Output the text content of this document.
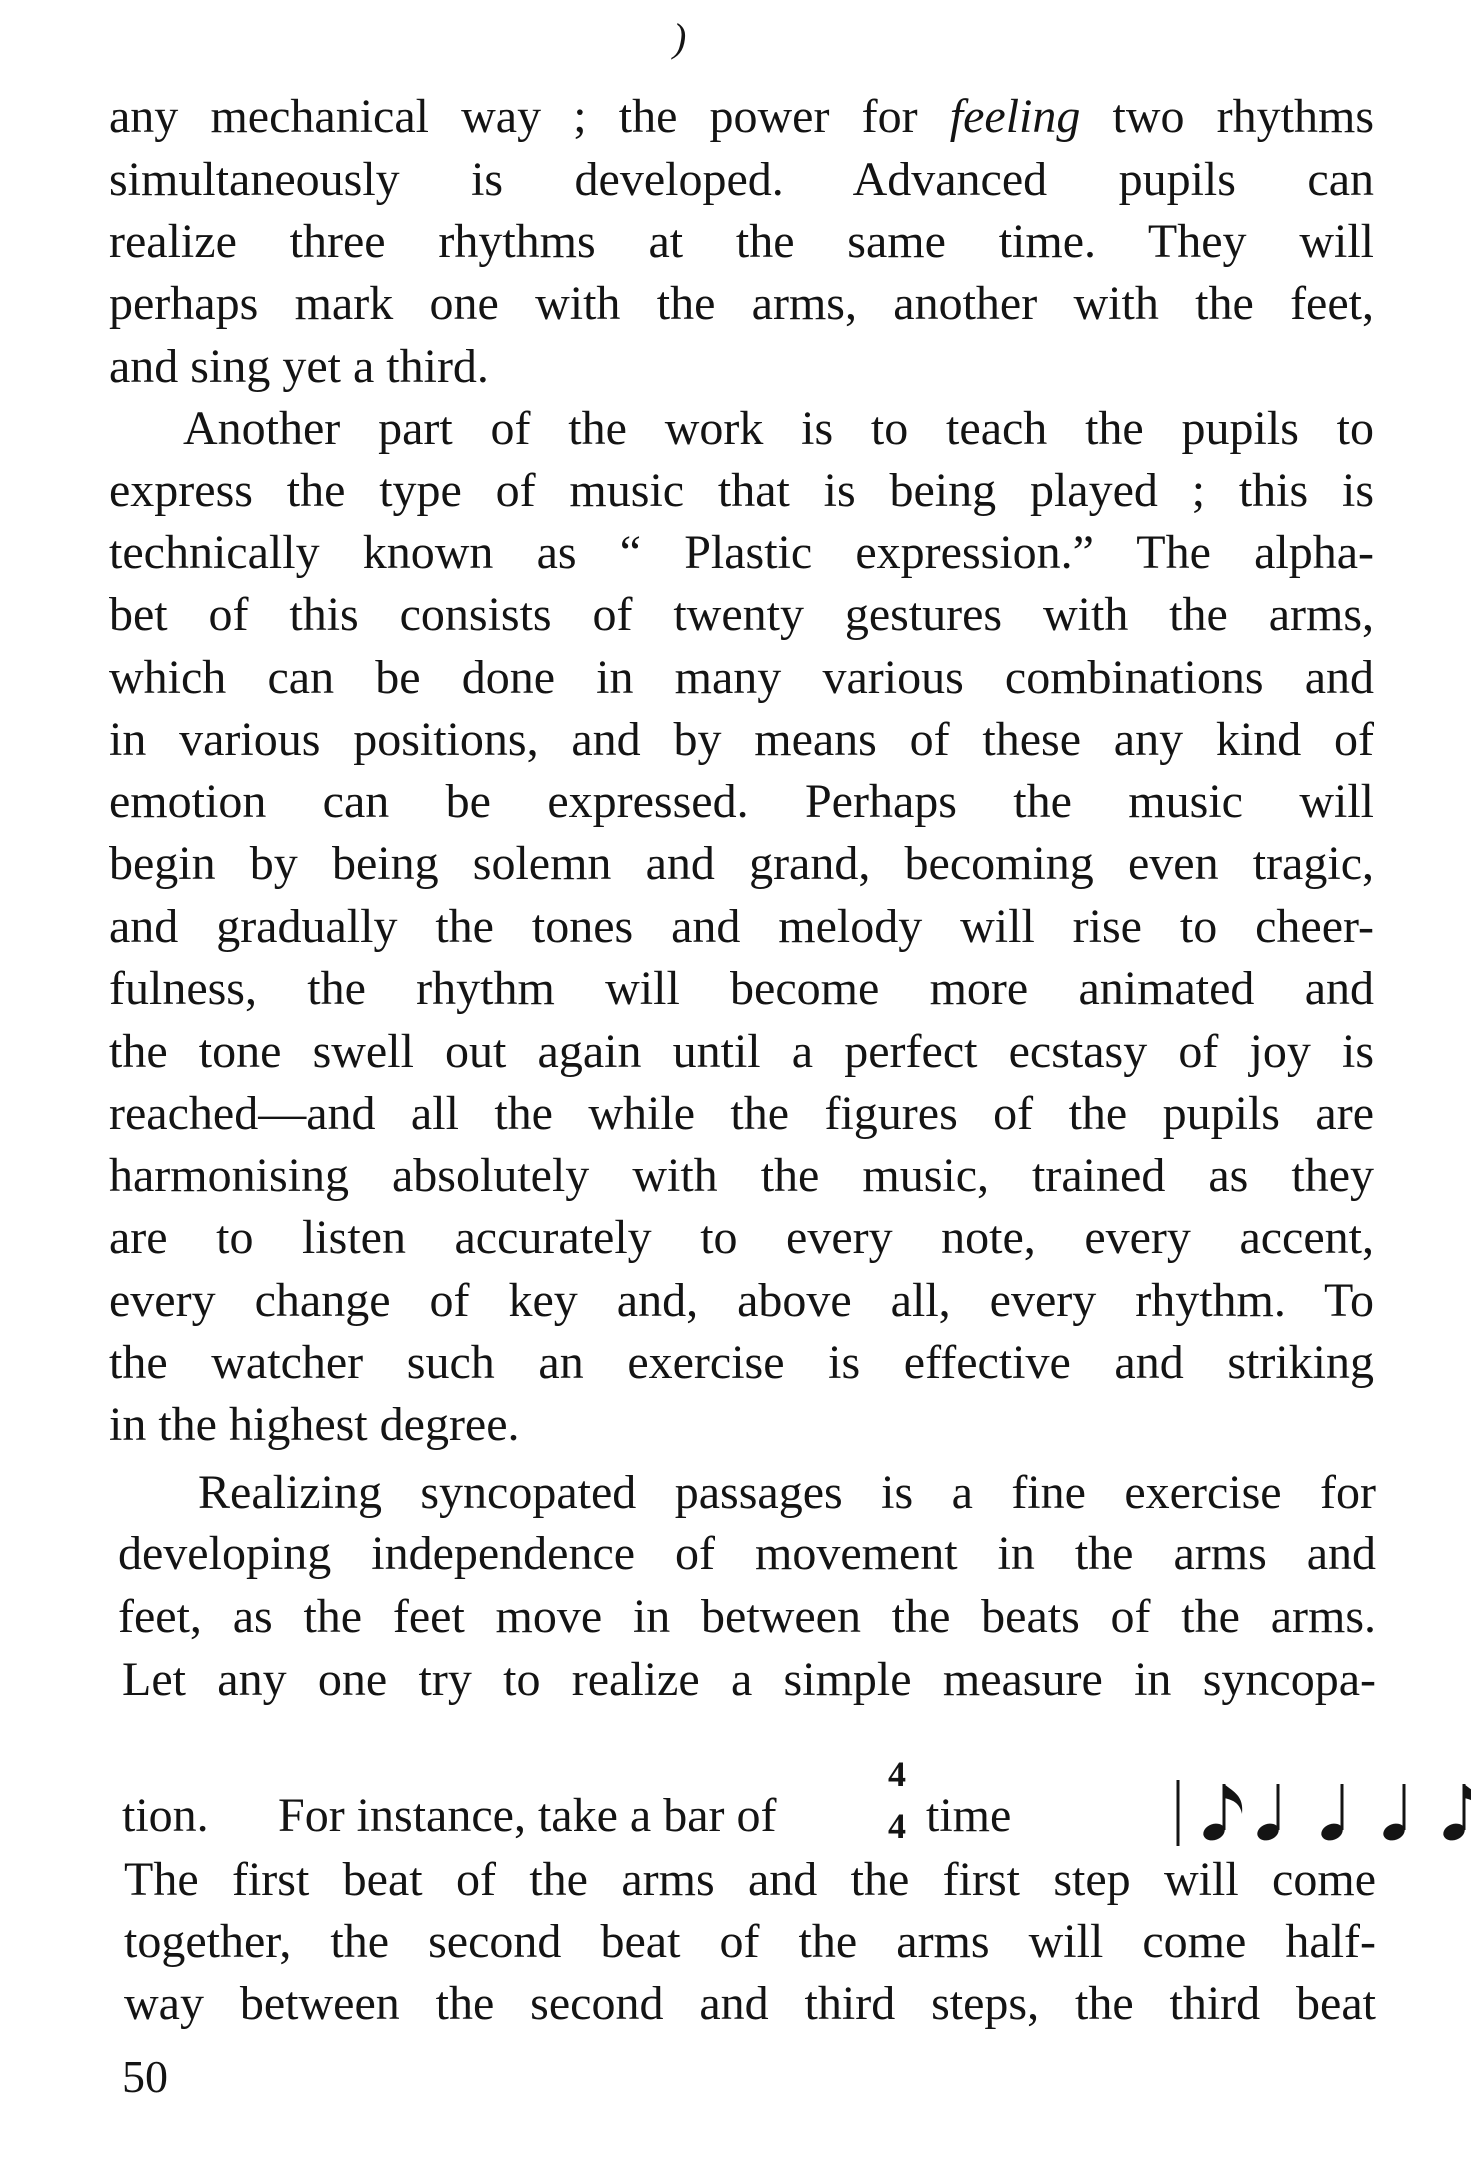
)
any mechanical way ; the power for feeling two rhythms
simultaneously is developed. Advanced pupils can
realize three rhythms at the same time. They will
perhaps mark one with the arms, another with the feet,
and sing yet a third.
Another part of the work is to teach the pupils to
express the type of music that is being played ; this is
technically known as “ Plastic expression.” The alpha-
bet of this consists of twenty gestures with the arms,
which can be done in many various combinations and
in various positions, and by means of these any kind of
emotion can be expressed. Perhaps the music will
begin by being solemn and grand, becoming even tragic,
and gradually the tones and melody will rise to cheer-
fulness, the rhythm will become more animated and
the tone swell out again until a perfect ecstasy of joy is
reached—and all the while the figures of the pupils are
harmonising absolutely with the music, trained as they
are to listen accurately to every note, every accent,
every change of key and, above all, every rhythm. To
the watcher such an exercise is effective and striking
in the highest degree.
Realizing syncopated passages is a fine exercise for
developing independence of movement in the arms and
feet, as the feet move in between the beats of the arms.
Let any one try to realize a simple measure in syncopa-
tion. For instance, take a bar of
4
4 time
The first beat of the arms and the first step will come
together, the second beat of the arms will come half-
way between the second and third steps, the third beat
50
